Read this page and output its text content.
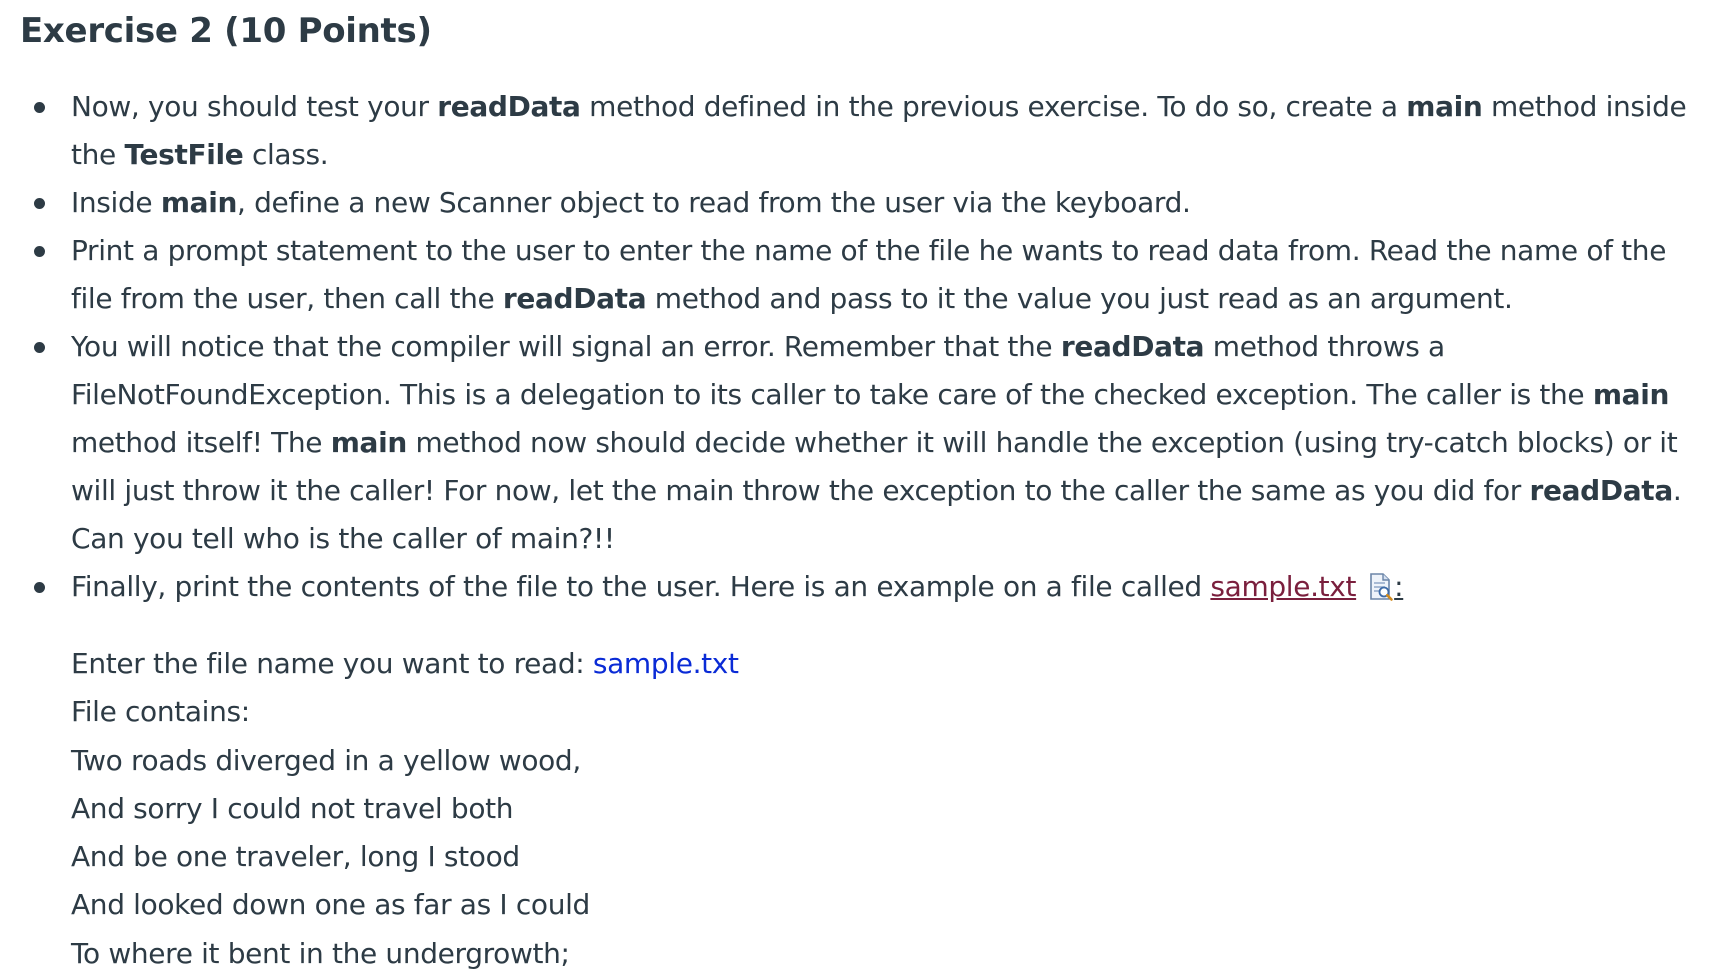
Exercise 2 (10 Points)
Now, you should test your readData method defined in the previous exercise. To do so, create a main method inside
the TestFile class.
Inside main, define a new Scanner object to read from the user via the keyboard.
Print a prompt statement to the user to enter the name of the file he wants to read data from. Read the name of the
file from the user, then call the readData method and pass to it the value you just read as an argument.
You will notice that the compiler will signal an error. Remember that the readData method throws a
FileNotFoundException. This is a delegation to its caller to take care of the checked exception. The caller is the main
method itself! The main method now should decide whether it will handle the exception (using try-catch blocks) or it
will just throw it the caller! For now, let the main throw the exception to the caller the same as you did for readData.
Can you tell who is the caller of main?!!
Finally, print the contents of the file to the user. Here is an example on a file called sample.txt :
Enter the file name you want to read: sample.txt
File contains:
Two roads diverged in a yellow wood,
And sorry I could not travel both
And be one traveler, long I stood
And looked down one as far as I could
To where it bent in the undergrowth;
